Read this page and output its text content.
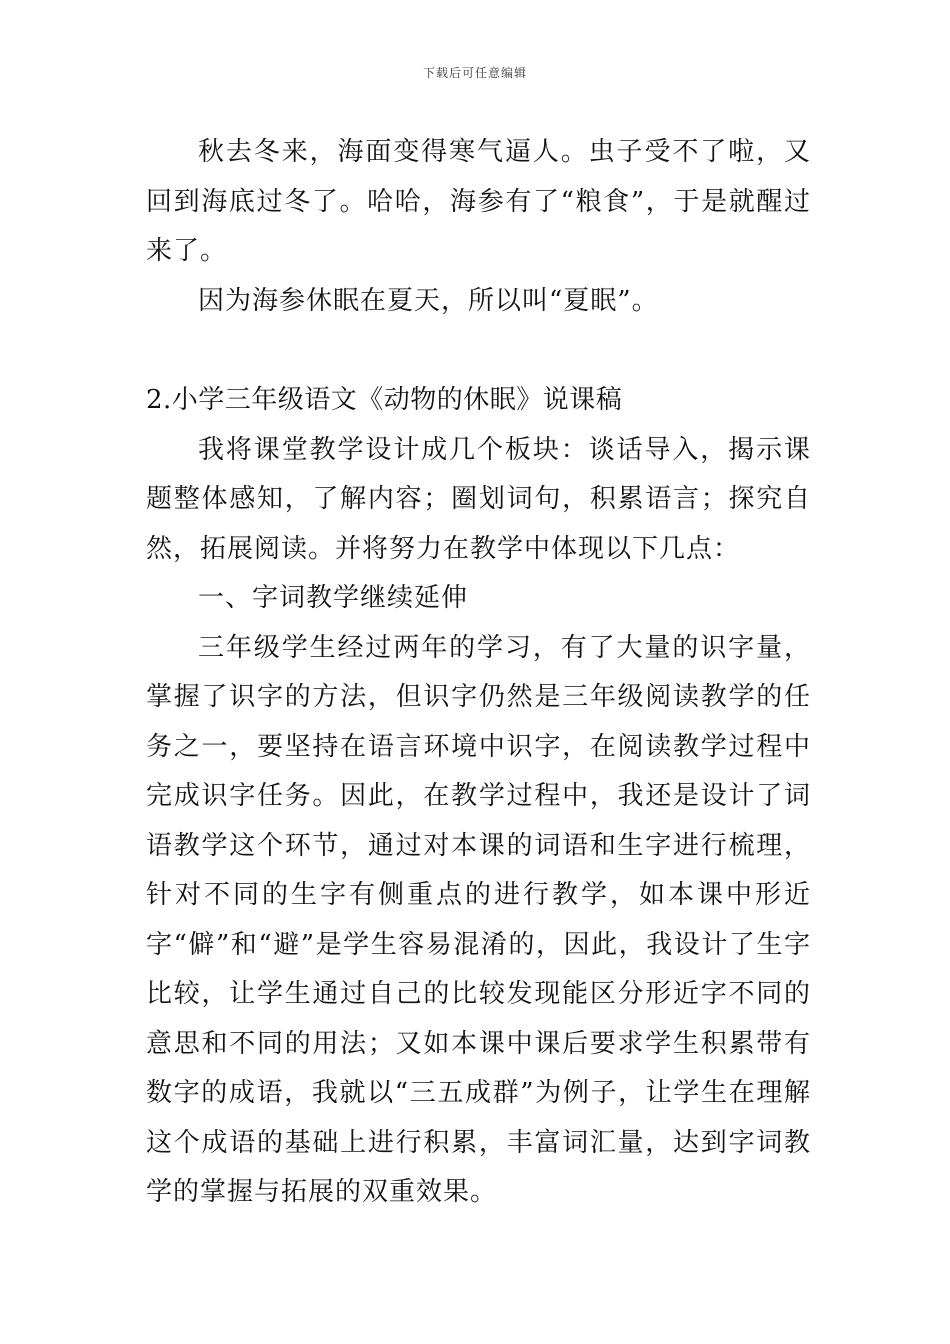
下载后可任意编辑

秋去冬来，海面变得寒气逼人。虫子受不了啦，又回到海底过冬了。哈哈，海参有了“粮食”，于是就醒过来了。

因为海参休眠在夏天，所以叫“夏眠”。

2.小学三年级语文《动物的休眠》说课稿

我将课堂教学设计成几个板块：谈话导入，揭示课题整体感知，了解内容；圈划词句，积累语言；探究自然，拓展阅读。并将努力在教学中体现以下几点：

一、字词教学继续延伸

三年级学生经过两年的学习，有了大量的识字量，掌握了识字的方法，但识字仍然是三年级阅读教学的任务之一，要坚持在语言环境中识字，在阅读教学过程中完成识字任务。因此，在教学过程中，我还是设计了词语教学这个环节，通过对本课的词语和生字进行梳理，针对不同的生字有侧重点的进行教学，如本课中形近字“僻”和“避”是学生容易混淆的，因此，我设计了生字比较，让学生通过自己的比较发现能区分形近字不同的意思和不同的用法；又如本课中课后要求学生积累带有数字的成语，我就以“三五成群”为例子，让学生在理解这个成语的基础上进行积累，丰富词汇量，达到字词教学的掌握与拓展的双重效果。
